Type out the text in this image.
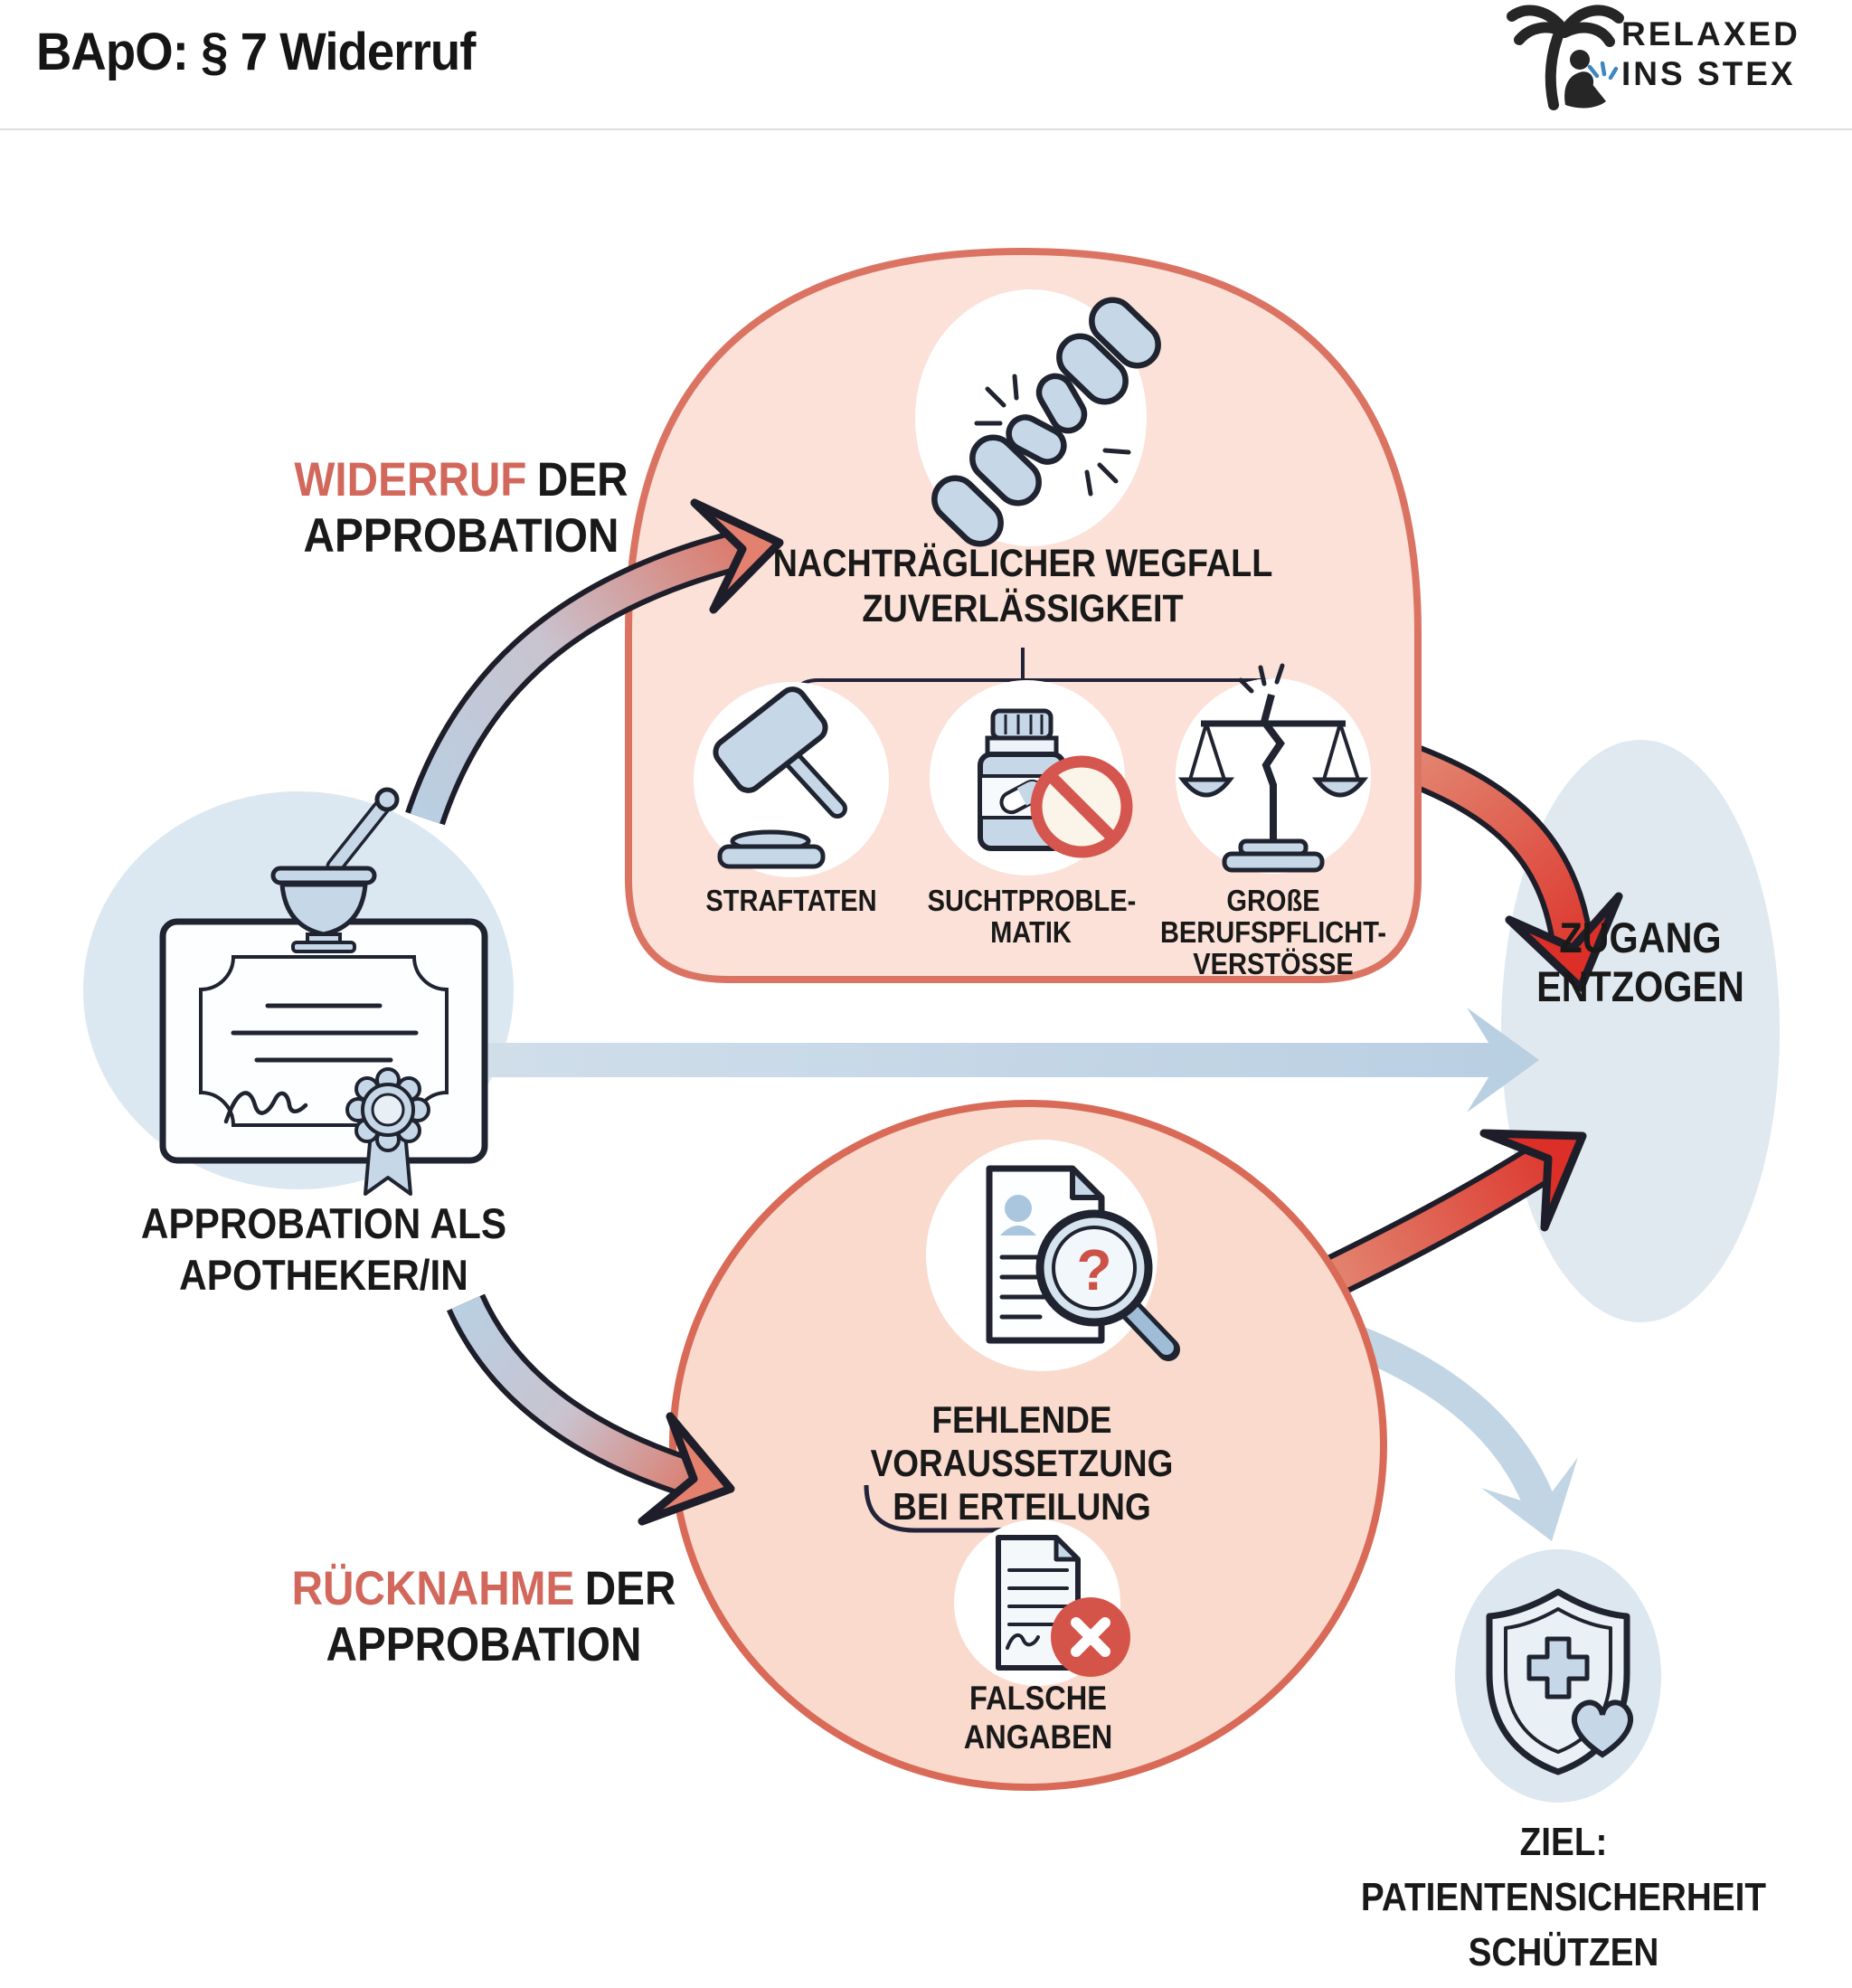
?
BApO: § 7 Widerruf	RELAXED
INS STEX
WIDERRUF DER
APPROBATION
NACHTRÄGLICHER WEGFALL
ZUVERLÄSSIGKEIT
STRAFTATEN	SUCHTPROBLE-
MATIK
GROßE
BERUFSPFLICHT-
VERSTÖSSE
APPROBATION ALS
APOTHEKER/IN
FEHLENDE VORAUSSETZUNG
BEI ERTEILUNG
FALSCHE
ANGABEN
RÜCKNAHME DER
APPROBATION
ZUGANG
ENTZOGEN
ZIEL:
PATIENTENSICHERHEIT
SCHÜTZEN
